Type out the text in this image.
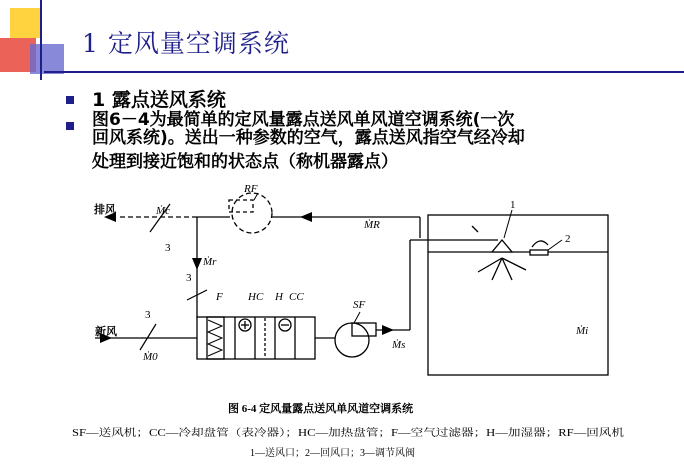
1 定风量空调系统
1 露点送风系统
图6－4为最简单的定风量露点送风单风道空调系统(一次
回风系统)。送出一种参数的空气，露点送风指空气经冷却
处理到接近饱和的状态点（称机器露点）
排风
新风
Ṁc
Ṁr
Ṁ0
Ṁs
ṀR
Ṁi
RF
SF
F HC H CC
1
2
3
3
3
图 6-4 定风量露点送风单风道空调系统
SF—送风机；CC—冷却盘管（表冷器）；HC—加热盘管；F—空气过滤器；H—加湿器；RF—回风机
1—送风口；2—回风口；3—调节风阀
